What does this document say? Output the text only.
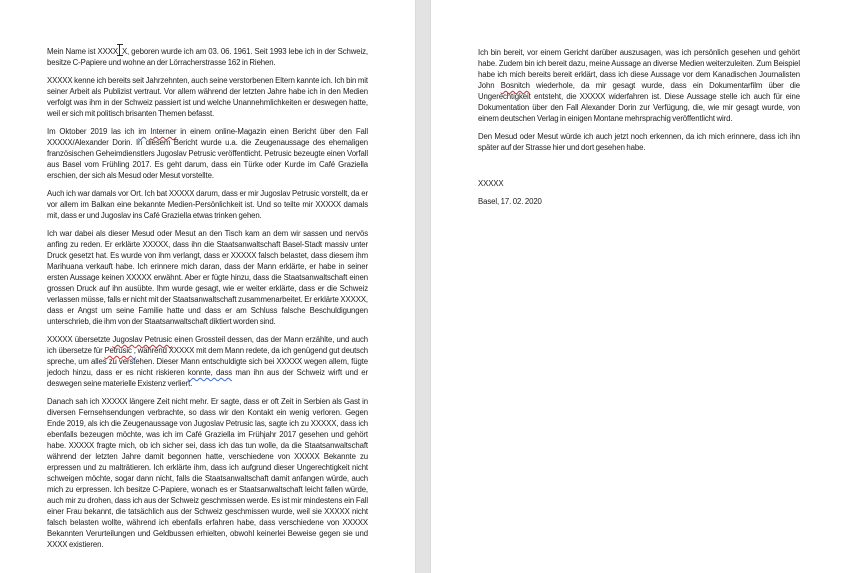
Mein Name ist XXXX X, geboren wurde ich am 03. 06. 1961. Seit 1993 lebe ich in der Schweiz, besitze C-Papiere und wohne an der Lörracherstrasse 162 in Riehen.
XXXXX kenne ich bereits seit Jahrzehnten, auch seine verstorbenen Eltern kannte ich. Ich bin mit seiner Arbeit als Publizist vertraut. Vor allem während der letzten Jahre habe ich in den Medien verfolgt was ihm in der Schweiz passiert ist und welche Unannehmlichkeiten er deswegen hatte, weil er sich mit politisch brisanten Themen befasst.
Im Oktober 2019 las ich im Interner in einem online-Magazin einen Bericht über den Fall XXXXX/Alexander Dorin. In diesem Bericht wurde u.a. die Zeugenaussage des ehemaligen französischen Geheimdienstlers Jugoslav Petrusic veröffentlicht. Petrusic bezeugte einen Vorfall aus Basel vom Frühling 2017. Es geht darum, dass ein Türke oder Kurde im Café Graziella erschien, der sich als Mesud oder Mesut vorstellte.
Auch ich war damals vor Ort. Ich bat XXXXX darum, dass er mir Jugoslav Petrusic vorstellt, da er vor allem im Balkan eine bekannte Medien-Persönlichkeit ist. Und so teilte mir XXXXX damals mit, dass er und Jugoslav ins Café Graziella etwas trinken gehen.
Ich war dabei als dieser Mesud oder Mesut an den Tisch kam an dem wir sassen und nervös anfing zu reden. Er erklärte XXXXX, dass ihn die Staatsanwaltschaft Basel-Stadt massiv unter Druck gesetzt hat. Es wurde von ihm verlangt, dass er XXXXX falsch belastet, dass diesem ihm Marihuana verkauft habe. Ich erinnere mich daran, dass der Mann erklärte, er habe in seiner ersten Aussage keinen XXXXX erwähnt. Aber er fügte hinzu, dass die Staatsanwaltschaft einen grossen Druck auf ihn ausübte. Ihm wurde gesagt, wie er weiter erklärte, dass er die Schweiz verlassen müsse, falls er nicht mit der Staatsanwaltschaft zusammenarbeitet. Er erklärte XXXXX, dass er Angst um seine Familie hatte und dass er am Schluss falsche Beschuldigungen unterschrieb, die ihm von der Staatsanwaltschaft diktiert worden sind.
XXXXX übersetzte Jugoslav Petrusic einen Grossteil dessen, das der Mann erzählte, und auch ich übersetze für Petrusic , während XXXXX mit dem Mann redete, da ich genügend gut deutsch spreche, um alles zu verstehen. Dieser Mann entschuldigte sich bei XXXXX wegen allem, fügte jedoch hinzu, dass er es nicht riskieren konnte, dass man ihn aus der Schweiz wirft und er deswegen seine materielle Existenz verliert.
Danach sah ich XXXXX längere Zeit nicht mehr. Er sagte, dass er oft Zeit in Serbien als Gast in diversen Fernsehsendungen verbrachte, so dass wir den Kontakt ein wenig verloren. Gegen Ende 2019, als ich die Zeugenaussage von Jugoslav Petrusic las, sagte ich zu XXXXX, dass ich ebenfalls bezeugen möchte, was ich im Café Graziella im Frühjahr 2017 gesehen und gehört habe. XXXXX fragte mich, ob ich sicher sei, dass ich das tun wolle, da die Staatsanwaltschaft während der letzten Jahre damit begonnen hatte, verschiedene von XXXXX Bekannte zu erpressen und zu malträtieren. Ich erklärte ihm, dass ich aufgrund dieser Ungerechtigkeit nicht schweigen möchte, sogar dann nicht, falls die Staatsanwaltschaft damit anfangen würde, auch mich zu erpressen. Ich besitze C-Papiere, wonach es er Staatsanwaltschaft leicht fallen würde, auch mir zu drohen, dass ich aus der Schweiz geschmissen werde. Es ist mir mindestens ein Fall einer Frau bekannt, die tatsächlich aus der Schweiz geschmissen wurde, weil sie XXXXX nicht falsch belasten wollte, während ich ebenfalls erfahren habe, dass verschiedene von XXXXX Bekannten Verurteilungen und Geldbussen erhielten, obwohl keinerlei Beweise gegen sie und XXXX existieren.
Ich bin bereit, vor einem Gericht darüber auszusagen, was ich persönlich gesehen und gehört habe. Zudem bin ich bereit dazu, meine Aussage an diverse Medien weiterzuleiten. Zum Beispiel habe ich mich bereits bereit erklärt, dass ich diese Aussage vor dem Kanadischen Journalisten John Bosnitch wiederhole, da mir gesagt wurde, dass ein Dokumentarfilm über die Ungerechtigkeit entsteht, die XXXXX widerfahren ist. Diese Aussage stelle ich auch für eine Dokumentation über den Fall Alexander Dorin zur Verfügung, die, wie mir gesagt wurde, von einem deutschen Verlag in einigen Montane mehrsprachig veröffentlicht wird.
Den Mesud oder Mesut würde ich auch jetzt noch erkennen, da ich mich erinnere, dass ich ihn später auf der Strasse hier und dort gesehen habe.
XXXXX
Basel, 17. 02. 2020
